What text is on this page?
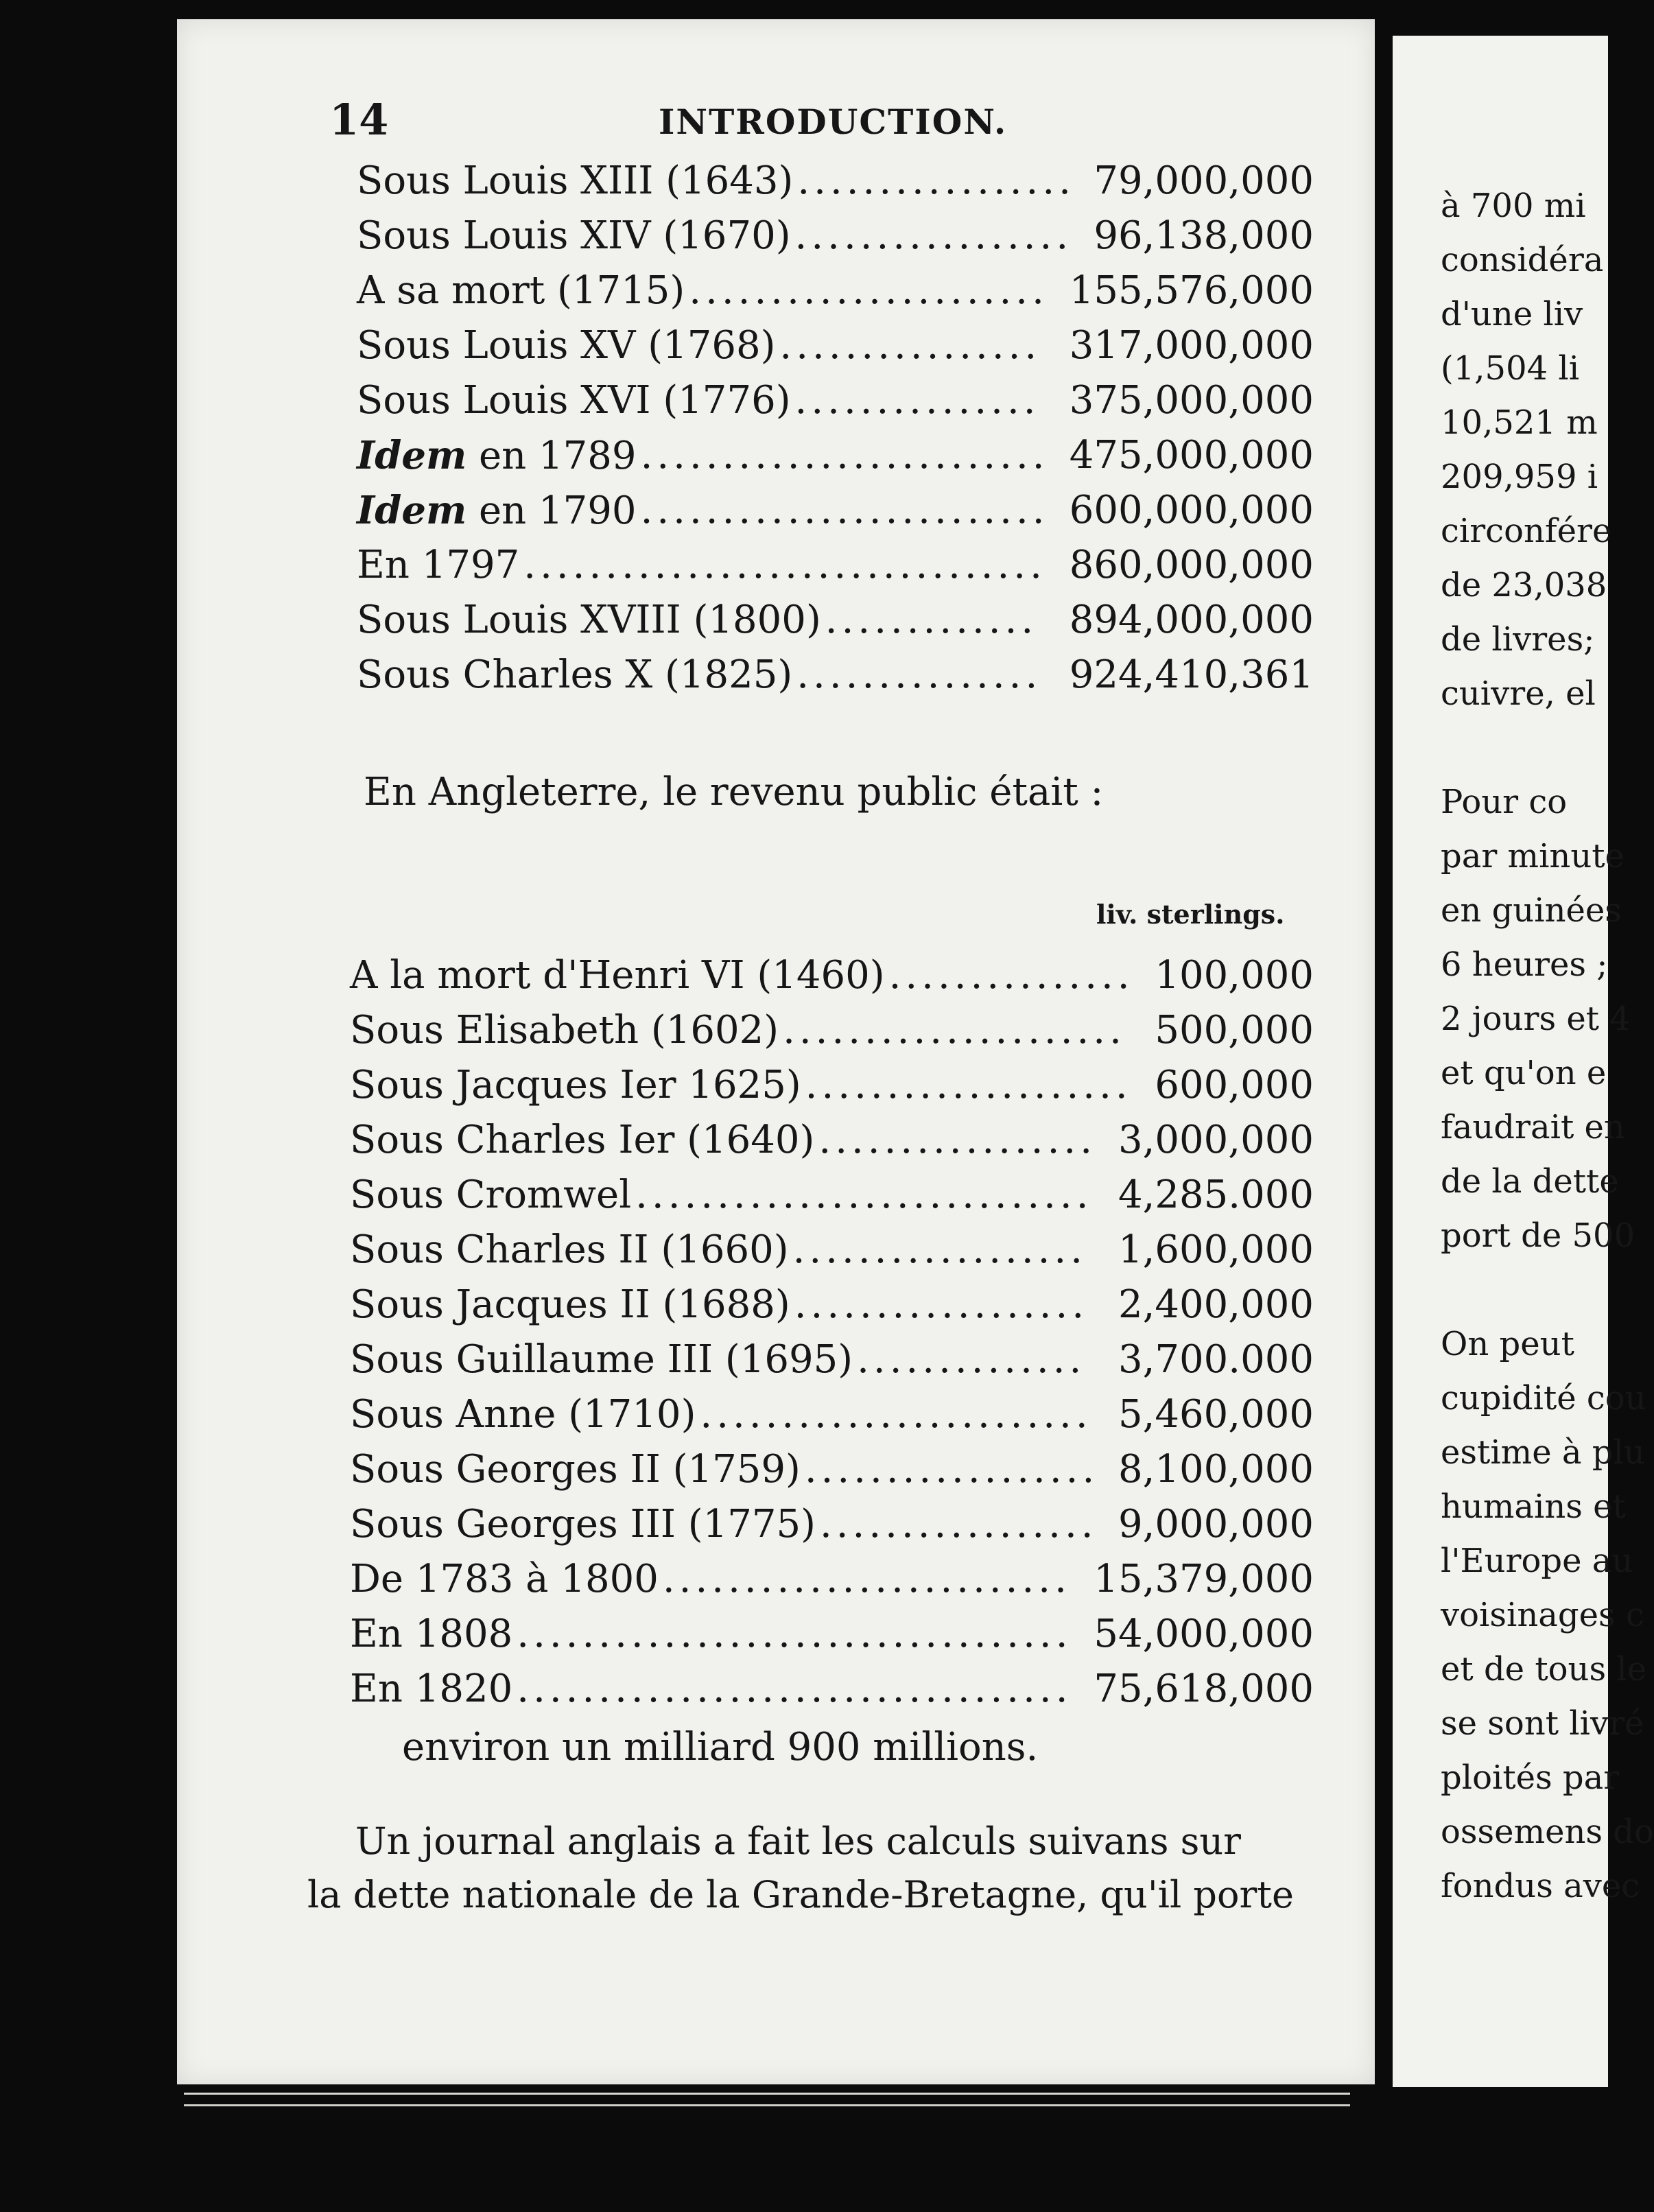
à 700 mi
considéra
d'une liv
(1,504 li
10,521 m
209,959 i
circonfére
de 23,038
de livres;
cuivre, el
Pour co
par minute
en guinées
6 heures ;
2 jours et 4
et qu'on e
faudrait en
de la dette
port de 500
On peut
cupidité cou
estime à plu
humains et
l'Europe au
voisinages c
et de tous le
se sont livré
ploités par
ossemens do
fondus avec
14	INTRODUCTION.
Sous Louis XIII (1643) ................. 79,000,000
Sous Louis XIV (1670) ................. 96,138,000
A sa mort (1715) ...................... 155,576,000
Sous Louis XV (1768) ................ 317,000,000
Sous Louis XVI (1776) ............... 375,000,000
Idem en 1789 ......................... 475,000,000
Idem en 1790 ......................... 600,000,000
En 1797 ................................ 860,000,000
Sous Louis XVIII (1800) ............. 894,000,000
Sous Charles X (1825) ............... 924,410,361
En Angleterre, le revenu public était :
liv. sterlings.
A la mort d'Henri VI (1460) ............... 100,000
Sous Elisabeth (1602) ..................... 500,000
Sous Jacques Ier 1625) .................... 600,000
Sous Charles Ier (1640) ................. 3,000,000
Sous Cromwel ............................ 4,285.000
Sous Charles II (1660) .................. 1,600,000
Sous Jacques II (1688) .................. 2,400,000
Sous Guillaume III (1695) .............. 3,700.000
Sous Anne (1710) ........................ 5,460,000
Sous Georges II (1759) .................. 8,100,000
Sous Georges III (1775) ................. 9,000,000
De 1783 à 1800 ......................... 15,379,000
En 1808 .................................. 54,000,000
En 1820 .................................. 75,618,000
environ un milliard 900 millions.
Un journal anglais a fait les calculs suivans sur
la dette nationale de la Grande-Bretagne, qu'il porte
